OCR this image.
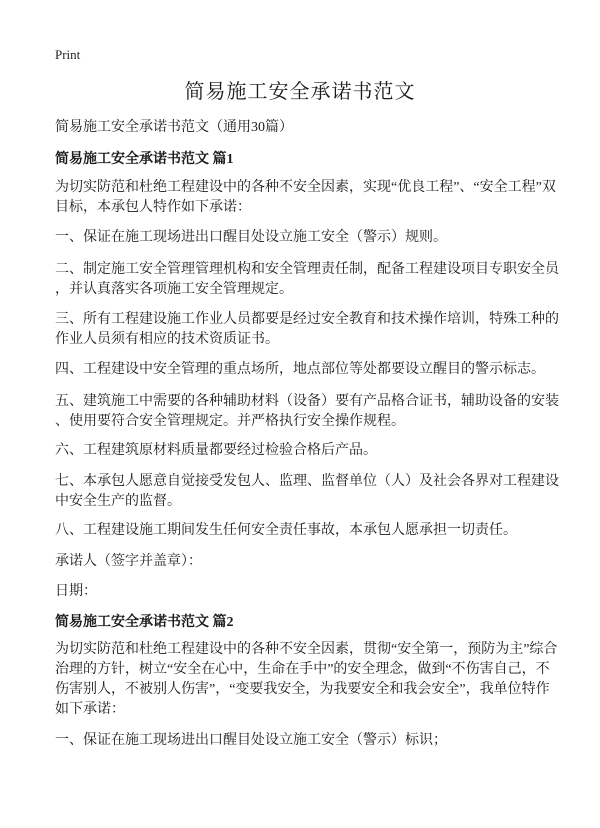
Print
简易施工安全承诺书范文
简易施工安全承诺书范文（通用30篇）
简易施工安全承诺书范文 篇1
为切实防范和杜绝工程建设中的各种不安全因素，实现“优良工程”、“安全工程”双
目标，本承包人特作如下承诺：
一、保证在施工现场进出口醒目处设立施工安全（警示）规则。
二、制定施工安全管理管理机构和安全管理责任制，配备工程建设项目专职安全员
，并认真落实各项施工安全管理规定。
三、所有工程建设施工作业人员都要是经过安全教育和技术操作培训，特殊工种的
作业人员须有相应的技术资质证书。
四、工程建设中安全管理的重点场所，地点部位等处都要设立醒目的警示标志。
五、建筑施工中需要的各种辅助材料（设备）要有产品格合证书，辅助设备的安装
、使用要符合安全管理规定。并严格执行安全操作规程。
六、工程建筑原材料质量都要经过检验合格后产品。
七、本承包人愿意自觉接受发包人、监理、监督单位（人）及社会各界对工程建设
中安全生产的监督。
八、工程建设施工期间发生任何安全责任事故，本承包人愿承担一切责任。
承诺人（签字并盖章）：
日期：
简易施工安全承诺书范文 篇2
为切实防范和杜绝工程建设中的各种不安全因素，贯彻“安全第一，预防为主”综合
治理的方针，树立“安全在心中，生命在手中”的安全理念，做到“不伤害自己，不
伤害别人，不被别人伤害”，“变要我安全，为我要安全和我会安全”，我单位特作
如下承诺：
一、保证在施工现场进出口醒目处设立施工安全（警示）标识；
